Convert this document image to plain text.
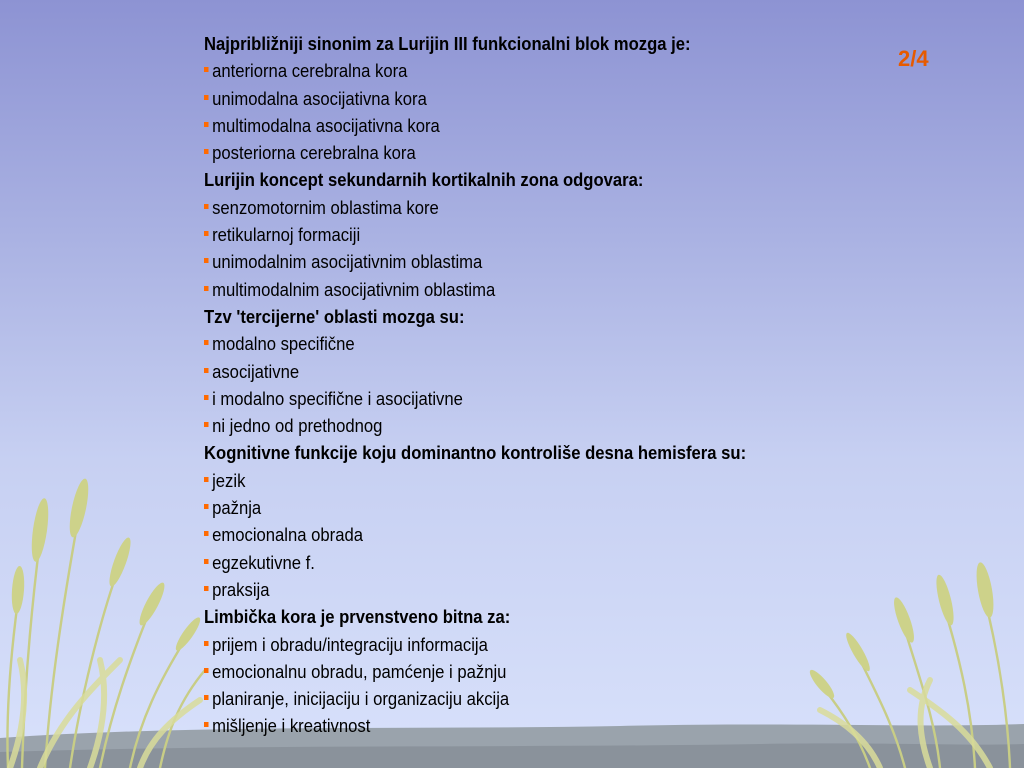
2/4
Najpribližniji sinonim za Lurijin III funkcionalni blok mozga je:
anteriorna cerebralna kora
unimodalna asocijativna kora
multimodalna asocijativna kora
posteriorna cerebralna kora
Lurijin koncept sekundarnih kortikalnih zona odgovara:
senzomotornim oblastima kore
retikularnoj formaciji
unimodalnim asocijativnim oblastima
multimodalnim asocijativnim oblastima
Tzv 'tercijerne' oblasti mozga su:
modalno specifične
asocijativne
i modalno specifične i asocijativne
ni jedno od prethodnog
Kognitivne funkcije koju dominantno kontroliše desna hemisfera su:
jezik
pažnja
emocionalna obrada
egzekutivne f.
praksija
Limbička kora je prvenstveno bitna za:
prijem i obradu/integraciju informacija
emocionalnu obradu, pamćenje i pažnju
planiranje, inicijaciju i organizaciju akcija
mišljenje i kreativnost
